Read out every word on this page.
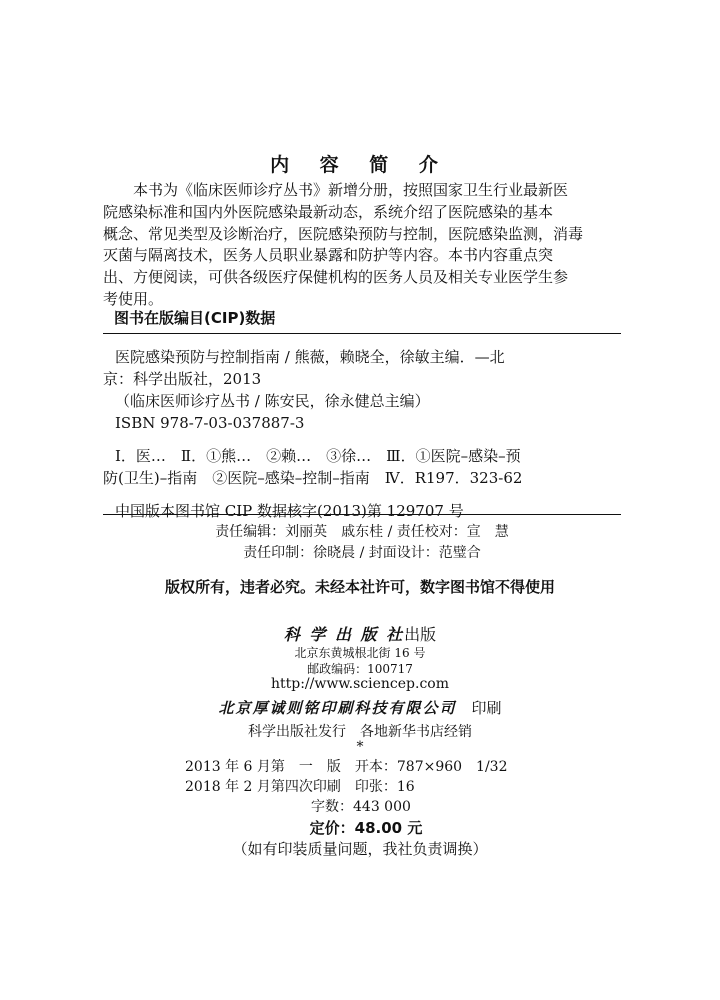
内 容 简 介

本书为《临床医师诊疗丛书》新增分册，按照国家卫生行业最新医

院感染标准和国内外医院感染最新动态，系统介绍了医院感染的基本

概念、常见类型及诊断治疗，医院感染预防与控制，医院感染监测，消毒

灭菌与隔离技术，医务人员职业暴露和防护等内容。本书内容重点突

出、方便阅读，可供各级医疗保健机构的医务人员及相关专业医学生参

考使用。

图书在版编目(CIP)数据
医院感染预防与控制指南 / 熊薇，赖晓全，徐敏主编．—北
京：科学出版社，2013
（临床医师诊疗丛书 / 陈安民，徐永健总主编）
ISBN 978-7-03-037887-3
Ⅰ．医…　Ⅱ．①熊…　②赖…　③徐…　Ⅲ．①医院–感染–预
防(卫生)–指南　②医院–感染–控制–指南　Ⅳ．R197．323-62
中国版本图书馆 CIP 数据核字(2013)第 129707 号
责任编辑：刘丽英　戚东桂 / 责任校对：宣　慧
责任印制：徐晓晨 / 封面设计：范璧合
版权所有，违者必究。未经本社许可，数字图书馆不得使用
科 学 出 版 社出版
北京东黄城根北街 16 号
邮政编码：100717
http://www.sciencep.com
北京厚诚则铭印刷科技有限公司　 印刷
科学出版社发行　各地新华书店经销
*
2013 年 6 月第　一　版　开本：787×960　1/32
2018 年 2 月第四次印刷　印张：16
字数：443 000
定价：48.00 元
（如有印装质量问题，我社负责调换）
